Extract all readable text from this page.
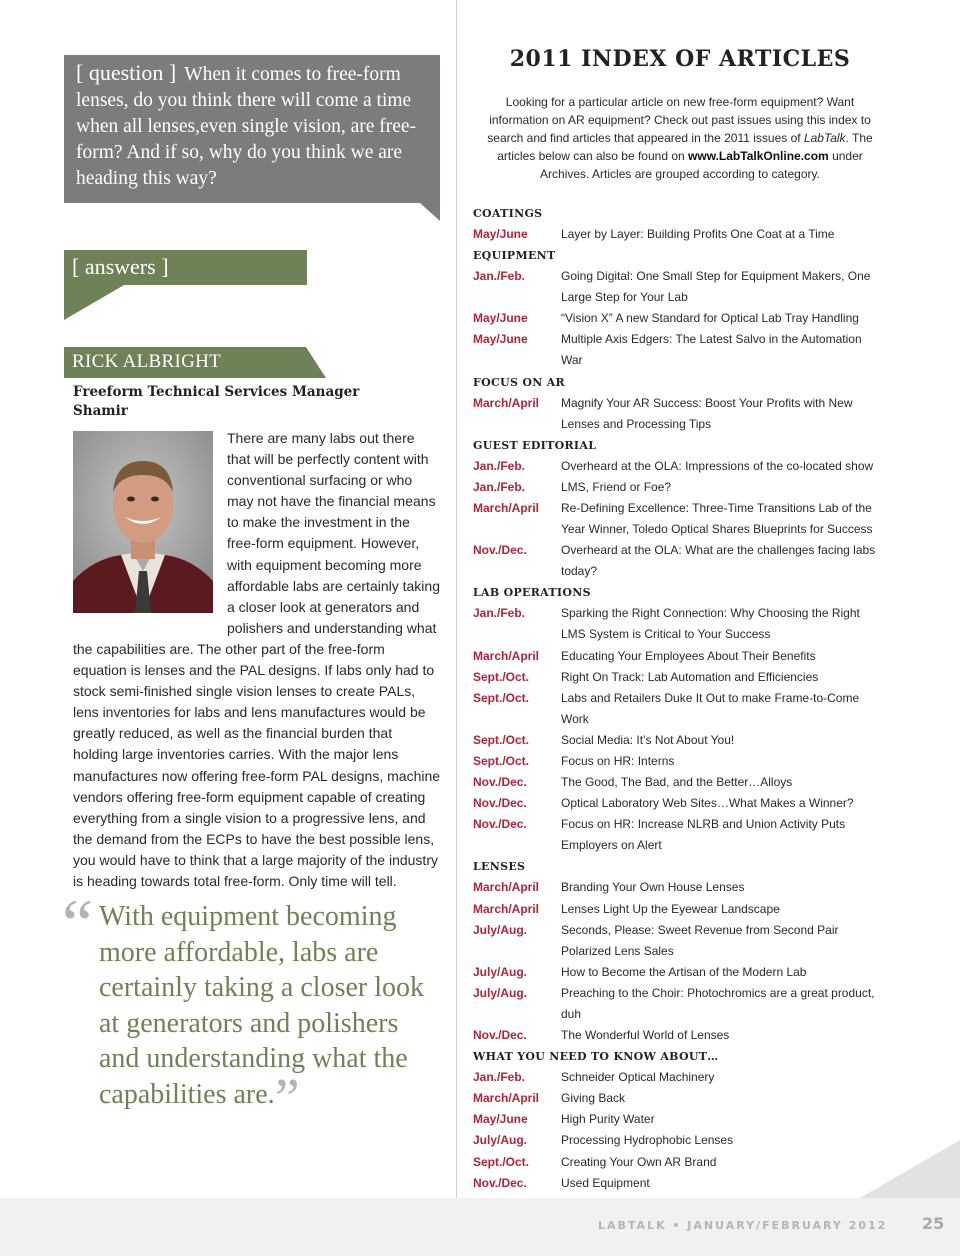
[ question ] When it comes to free-form lenses, do you think there will come a time when all lenses,even single vision, are free-form? And if so, why do you think we are heading this way?
[ answers ]
RICK ALBRIGHT
Freeform Technical Services Manager
Shamir
There are many labs out there that will be perfectly content with conventional surfacing or who may not have the financial means to make the investment in the free-form equipment. However, with equipment becoming more affordable labs are certainly taking a closer look at generators and polishers and understanding what the capabilities are. The other part of the free-form equation is lenses and the PAL designs. If labs only had to stock semi-finished single vision lenses to create PALs, lens inventories for labs and lens manufactures would be greatly reduced, as well as the financial burden that holding large inventories carries. With the major lens manufactures now offering free-form PAL designs, machine vendors offering free-form equipment capable of creating everything from a single vision to a progressive lens, and the demand from the ECPs to have the best possible lens, you would have to think that a large majority of the industry is heading towards total free-form. Only time will tell.
“ With equipment becoming more affordable, labs are certainly taking a closer look at generators and polishers and understanding what the capabilities are.”
2011 INDEX OF ARTICLES
Looking for a particular article on new free-form equipment? Want information on AR equipment? Check out past issues using this index to search and find articles that appeared in the 2011 issues of LabTalk. The articles below can also be found on www.LabTalkOnline.com under Archives. Articles are grouped according to category.
COATINGS
May/June	Layer by Layer: Building Profits One Coat at a Time
EQUIPMENT
Jan./Feb.	Going Digital: One Small Step for Equipment Makers, One Large Step for Your Lab
May/June	“Vision X” A new Standard for Optical Lab Tray Handling
May/June	Multiple Axis Edgers: The Latest Salvo in the Automation War
FOCUS ON AR
March/April	Magnify Your AR Success: Boost Your Profits with New Lenses and Processing Tips
GUEST EDITORIAL
Jan./Feb.	Overheard at the OLA: Impressions of the co-located show
Jan./Feb.	LMS, Friend or Foe?
March/April	Re-Defining Excellence: Three-Time Transitions Lab of the Year Winner, Toledo Optical Shares Blueprints for Success
Nov./Dec.	Overheard at the OLA: What are the challenges facing labs today?
LAB OPERATIONS
Jan./Feb.	Sparking the Right Connection: Why Choosing the Right LMS System is Critical to Your Success
March/April	Educating Your Employees About Their Benefits
Sept./Oct.	Right On Track: Lab Automation and Efficiencies
Sept./Oct.	Labs and Retailers Duke It Out to make Frame-to-Come Work
Sept./Oct.	Social Media: It’s Not About You!
Sept./Oct.	Focus on HR: Interns
Nov./Dec.	The Good, The Bad, and the Better…Alloys
Nov./Dec.	Optical Laboratory Web Sites…What Makes a Winner?
Nov./Dec.	Focus on HR: Increase NLRB and Union Activity Puts Employers on Alert
LENSES
March/April	Branding Your Own House Lenses
March/April	Lenses Light Up the Eyewear Landscape
July/Aug.	Seconds, Please: Sweet Revenue from Second Pair Polarized Lens Sales
July/Aug.	How to Become the Artisan of the Modern Lab
July/Aug.	Preaching to the Choir: Photochromics are a great product, duh
Nov./Dec.	The Wonderful World of Lenses
WHAT YOU NEED TO KNOW ABOUT…
Jan./Feb.	Schneider Optical Machinery
March/April	Giving Back
May/June	High Purity Water
July/Aug.	Processing Hydrophobic Lenses
Sept./Oct.	Creating Your Own AR Brand
Nov./Dec.	Used Equipment
LABTALK • JANUARY/FEBRUARY 2012 25
